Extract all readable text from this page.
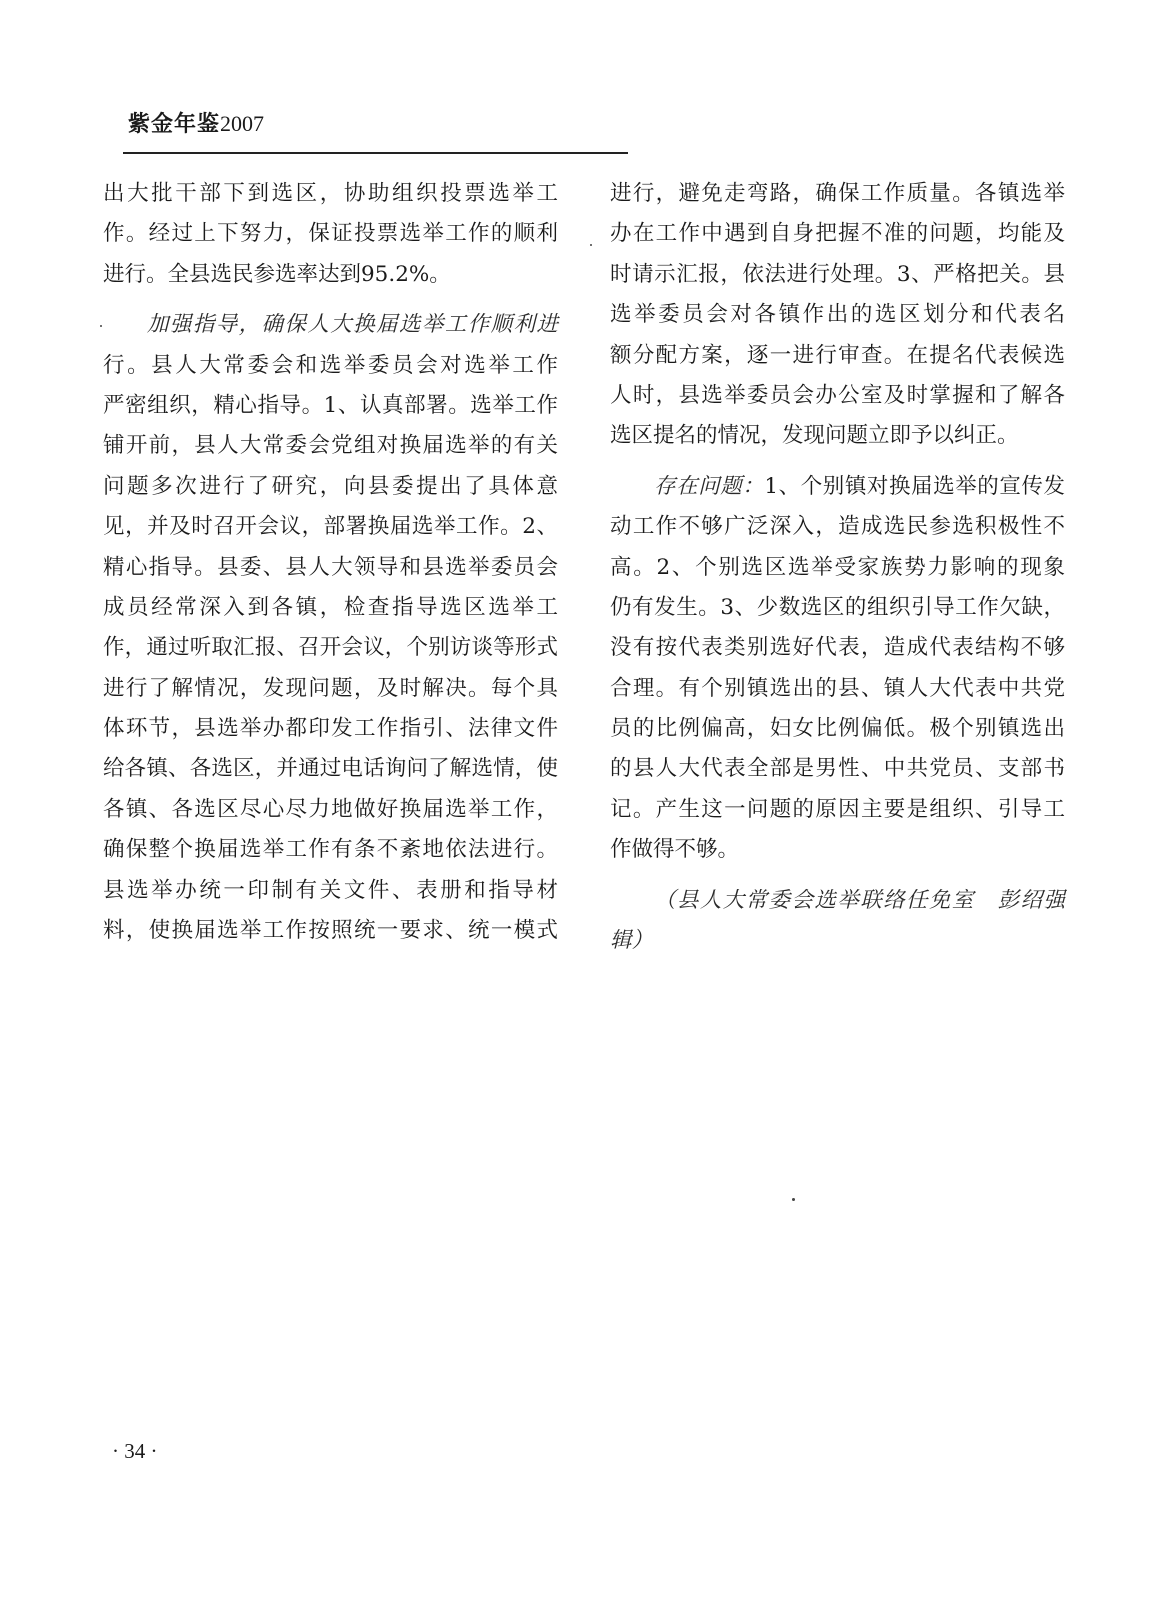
紫金年鉴2007
出大批干部下到选区，协助组织投票选举工
作。经过上下努力，保证投票选举工作的顺利
进行。全县选民参选率达到95.2%。
加强指导，确保人大换届选举工作顺利进
行。县人大常委会和选举委员会对选举工作
严密组织，精心指导。1、认真部署。选举工作
铺开前，县人大常委会党组对换届选举的有关
问题多次进行了研究，向县委提出了具体意
见，并及时召开会议，部署换届选举工作。2、
精心指导。县委、县人大领导和县选举委员会
成员经常深入到各镇，检查指导选区选举工
作，通过听取汇报、召开会议，个别访谈等形式
进行了解情况，发现问题，及时解决。每个具
体环节，县选举办都印发工作指引、法律文件
给各镇、各选区，并通过电话询问了解选情，使
各镇、各选区尽心尽力地做好换届选举工作，
确保整个换届选举工作有条不紊地依法进行。
县选举办统一印制有关文件、表册和指导材
料，使换届选举工作按照统一要求、统一模式
进行，避免走弯路，确保工作质量。各镇选举
办在工作中遇到自身把握不准的问题，均能及
时请示汇报，依法进行处理。3、严格把关。县
选举委员会对各镇作出的选区划分和代表名
额分配方案，逐一进行审查。在提名代表候选
人时，县选举委员会办公室及时掌握和了解各
选区提名的情况，发现问题立即予以纠正。
存在问题：1、个别镇对换届选举的宣传发
动工作不够广泛深入，造成选民参选积极性不
高。2、个别选区选举受家族势力影响的现象
仍有发生。3、少数选区的组织引导工作欠缺，
没有按代表类别选好代表，造成代表结构不够
合理。有个别镇选出的县、镇人大代表中共党
员的比例偏高，妇女比例偏低。极个别镇选出
的县人大代表全部是男性、中共党员、支部书
记。产生这一问题的原因主要是组织、引导工
作做得不够。
（县人大常委会选举联络任免室　彭绍强
辑）
· 34 ·
